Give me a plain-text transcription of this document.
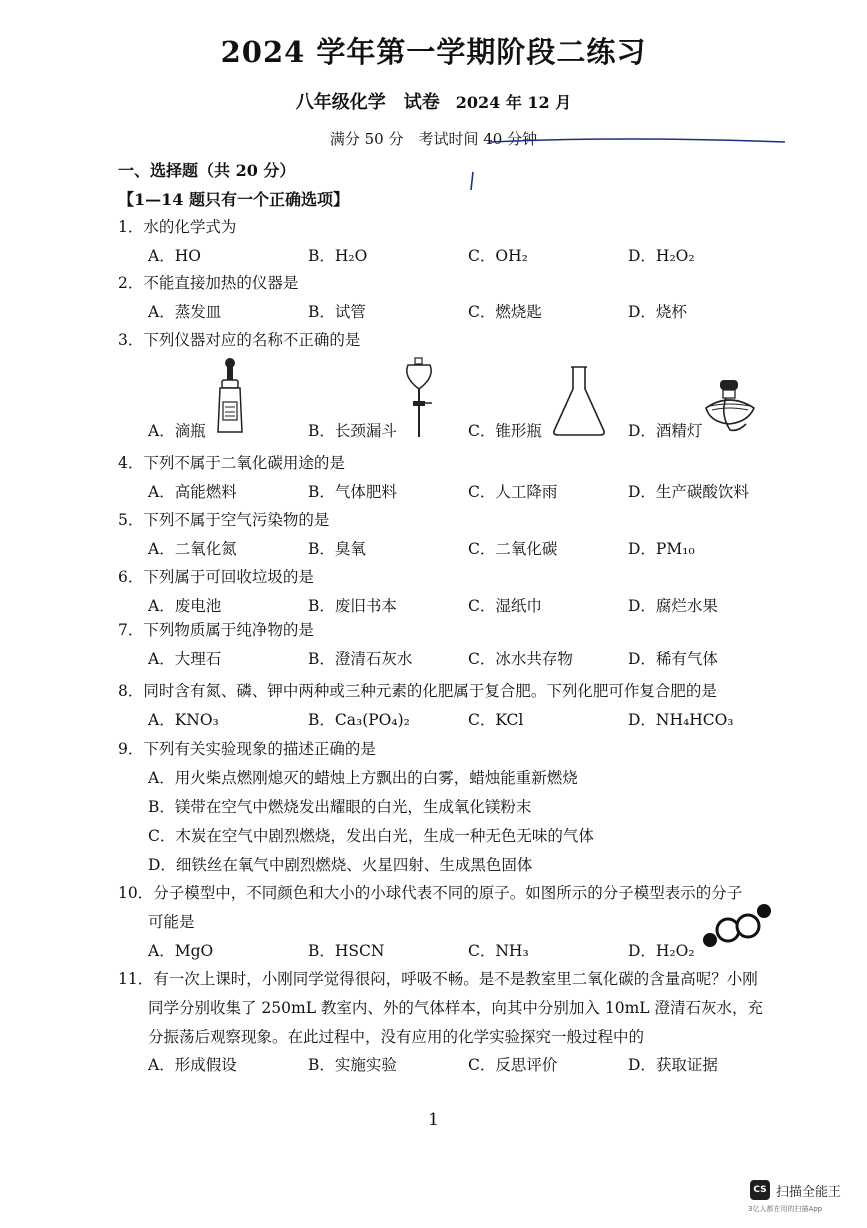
2024 学年第一学期阶段二练习
八年级化学　试卷 2024 年 12 月
满分 50 分　考试时间 40 分钟
一、选择题（共 20 分）
【1—14 题只有一个正确选项】
1．水的化学式为
A．HO	B．H₂O	C．OH₂	D．H₂O₂
2．不能直接加热的仪器是
A．蒸发皿	B．试管	C．燃烧匙	D．烧杯
3．下列仪器对应的名称不正确的是
A．滴瓶	B．长颈漏斗	C．锥形瓶	D．酒精灯
4．下列不属于二氧化碳用途的是
A．高能燃料	B．气体肥料	C．人工降雨	D．生产碳酸饮料
5．下列不属于空气污染物的是
A．二氧化氮	B．臭氧	C．二氧化碳	D．PM₁₀
6．下列属于可回收垃圾的是
A．废电池	B．废旧书本	C．湿纸巾	D．腐烂水果
7．下列物质属于纯净物的是
A．大理石	B．澄清石灰水	C．冰水共存物	D．稀有气体
8．同时含有氮、磷、钾中两种或三种元素的化肥属于复合肥。下列化肥可作复合肥的是
A．KNO₃	B．Ca₃(PO₄)₂	C．KCl	D．NH₄HCO₃
9．下列有关实验现象的描述正确的是
A．用火柴点燃刚熄灭的蜡烛上方飘出的白雾，蜡烛能重新燃烧
B．镁带在空气中燃烧发出耀眼的白光，生成氧化镁粉末
C．木炭在空气中剧烈燃烧，发出白光，生成一种无色无味的气体
D．细铁丝在氧气中剧烈燃烧、火星四射、生成黑色固体
10．分子模型中，不同颜色和大小的小球代表不同的原子。如图所示的分子模型表示的分子
可能是
A．MgO	B．HSCN	C．NH₃	D．H₂O₂
11．有一次上课时，小刚同学觉得很闷，呼吸不畅。是不是教室里二氧化碳的含量高呢？小刚
同学分别收集了 250mL 教室内、外的气体样本，向其中分别加入 10mL 澄清石灰水，充
分振荡后观察现象。在此过程中，没有应用的化学实验探究一般过程中的
A．形成假设	B．实施实验	C．反思评价	D．获取证据
1
CS 扫描全能王
3亿人都在用的扫描App
